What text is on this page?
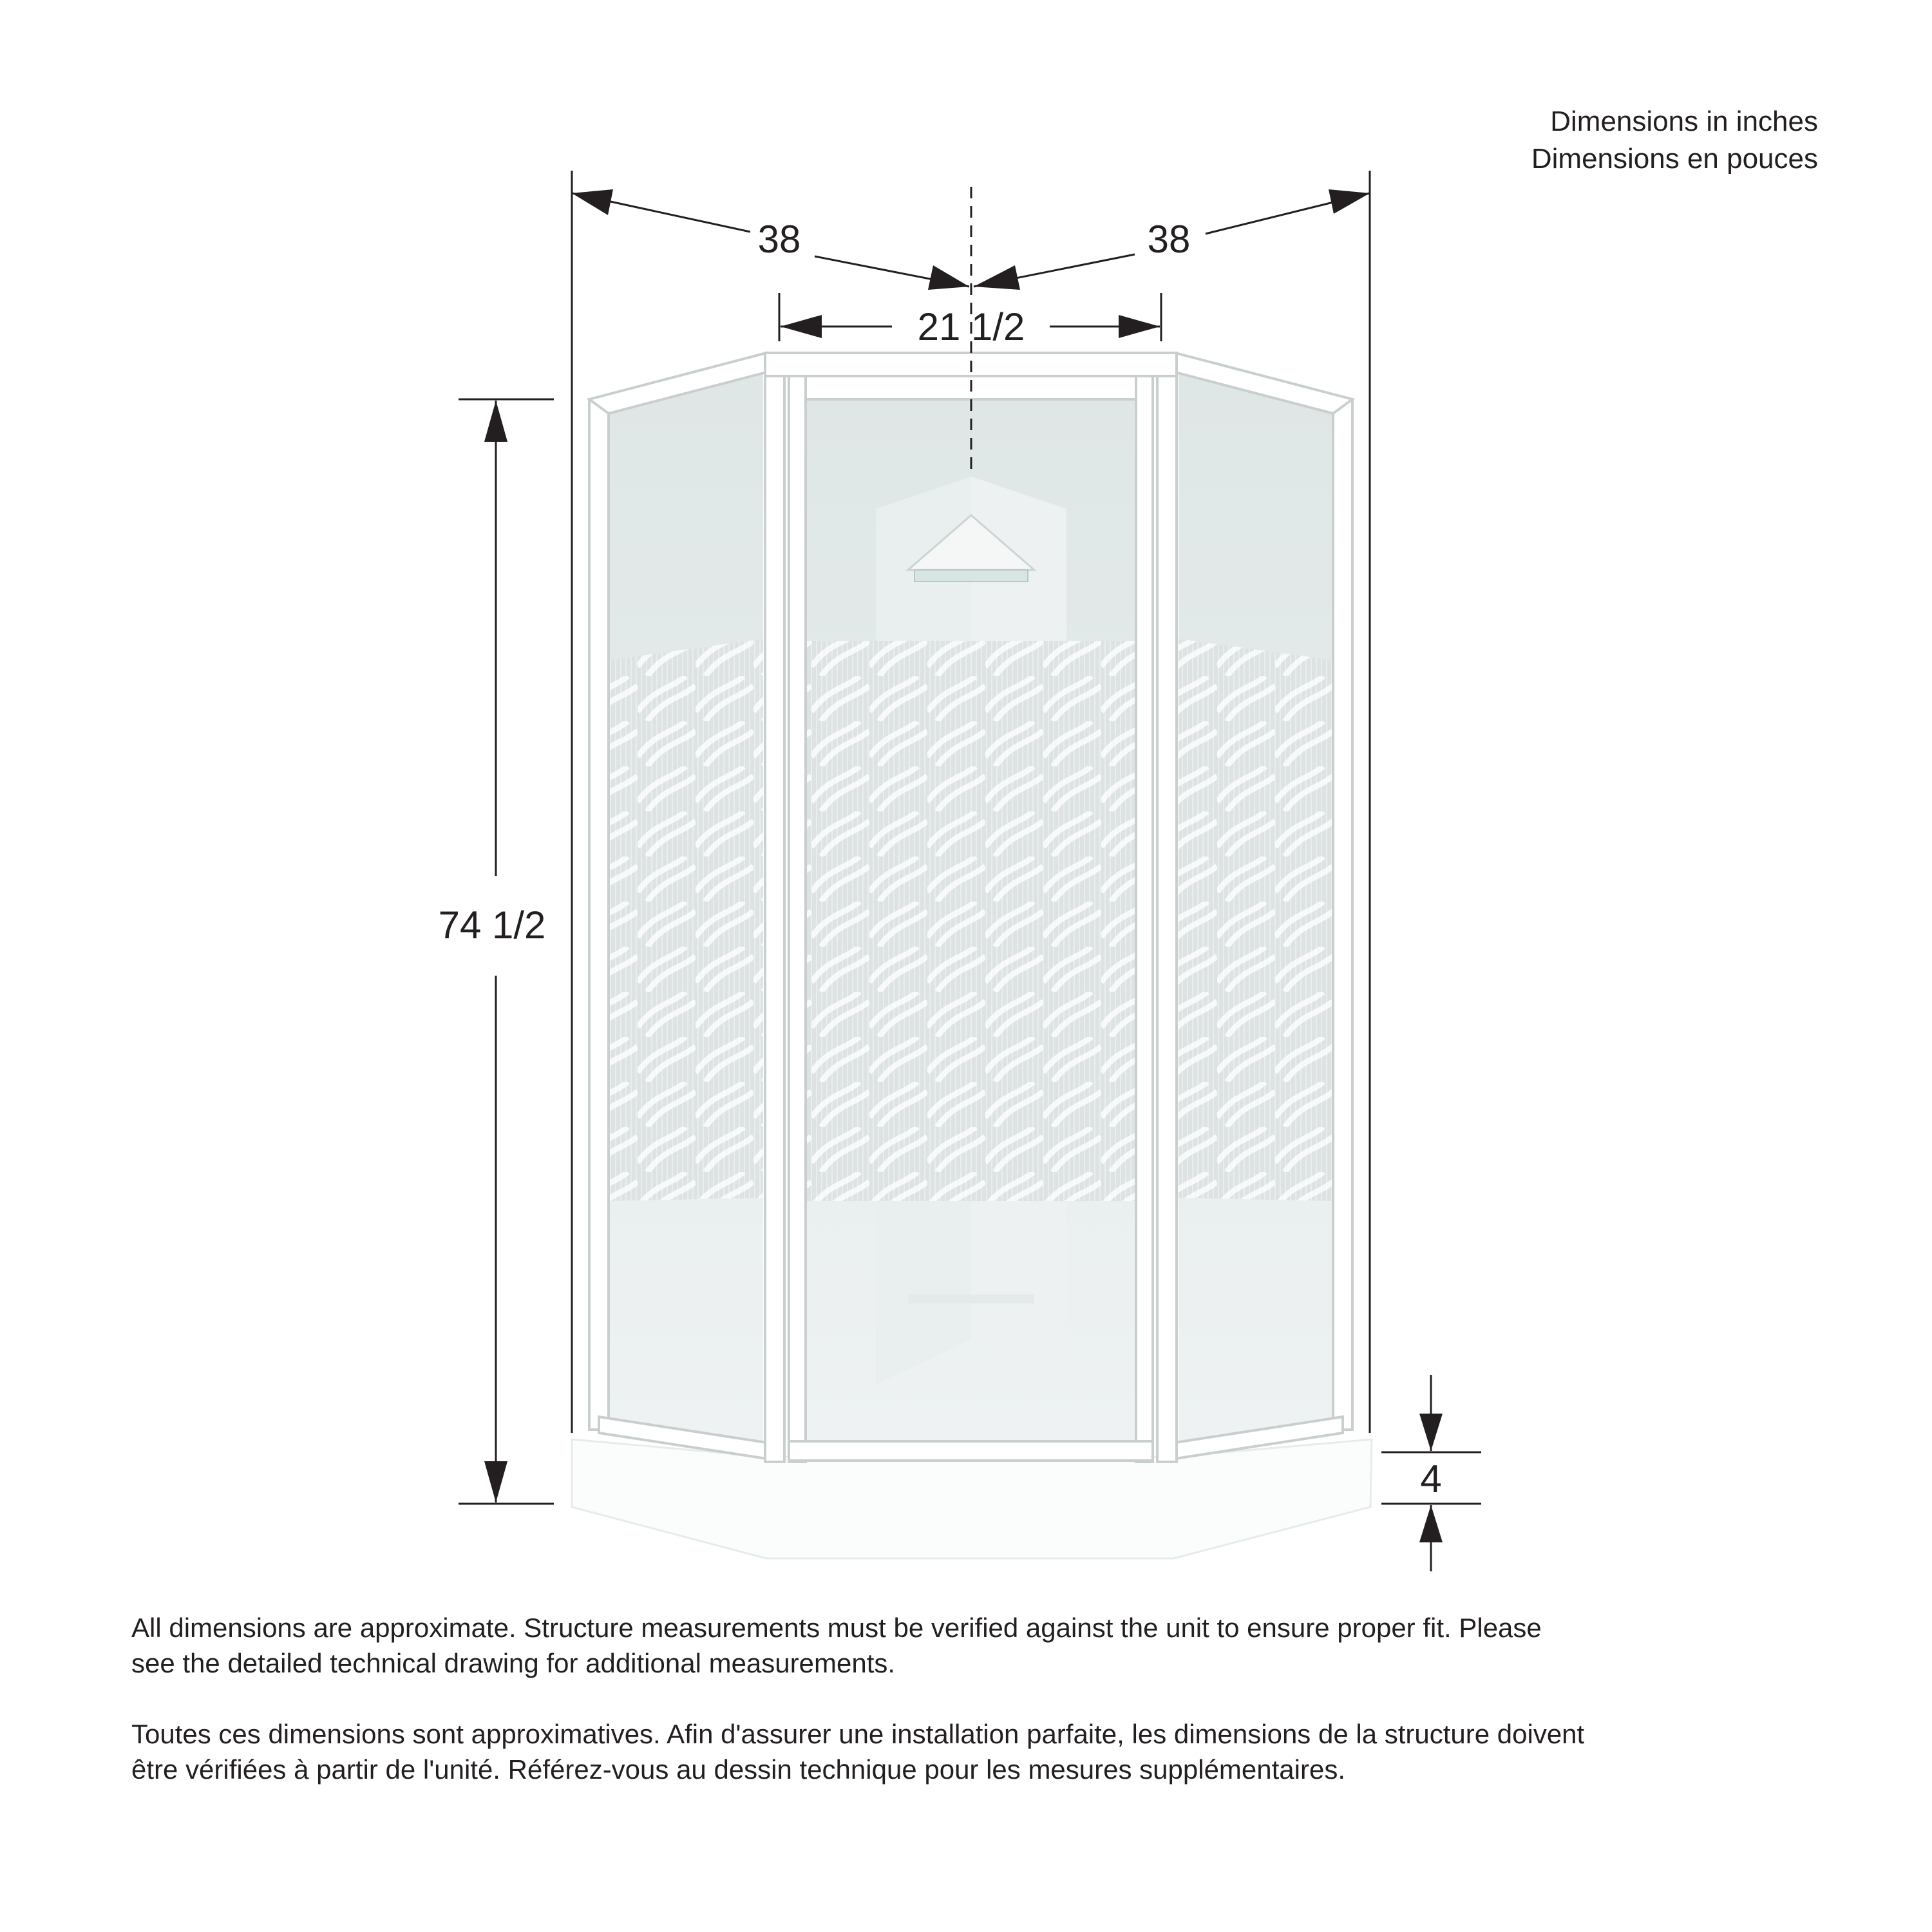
Dimensions in inches
Dimensions en pouces
38	38
21 1/2
74 1/2
4

All dimensions are approximate. Structure measurements must be verified against the unit to ensure proper fit. Please see the detailed technical drawing for additional measurements.

Toutes ces dimensions sont approximatives. Afin d'assurer une installation parfaite, les dimensions de la structure doivent être vérifiées à partir de l'unité. Référez-vous au dessin technique pour les mesures supplémentaires.
